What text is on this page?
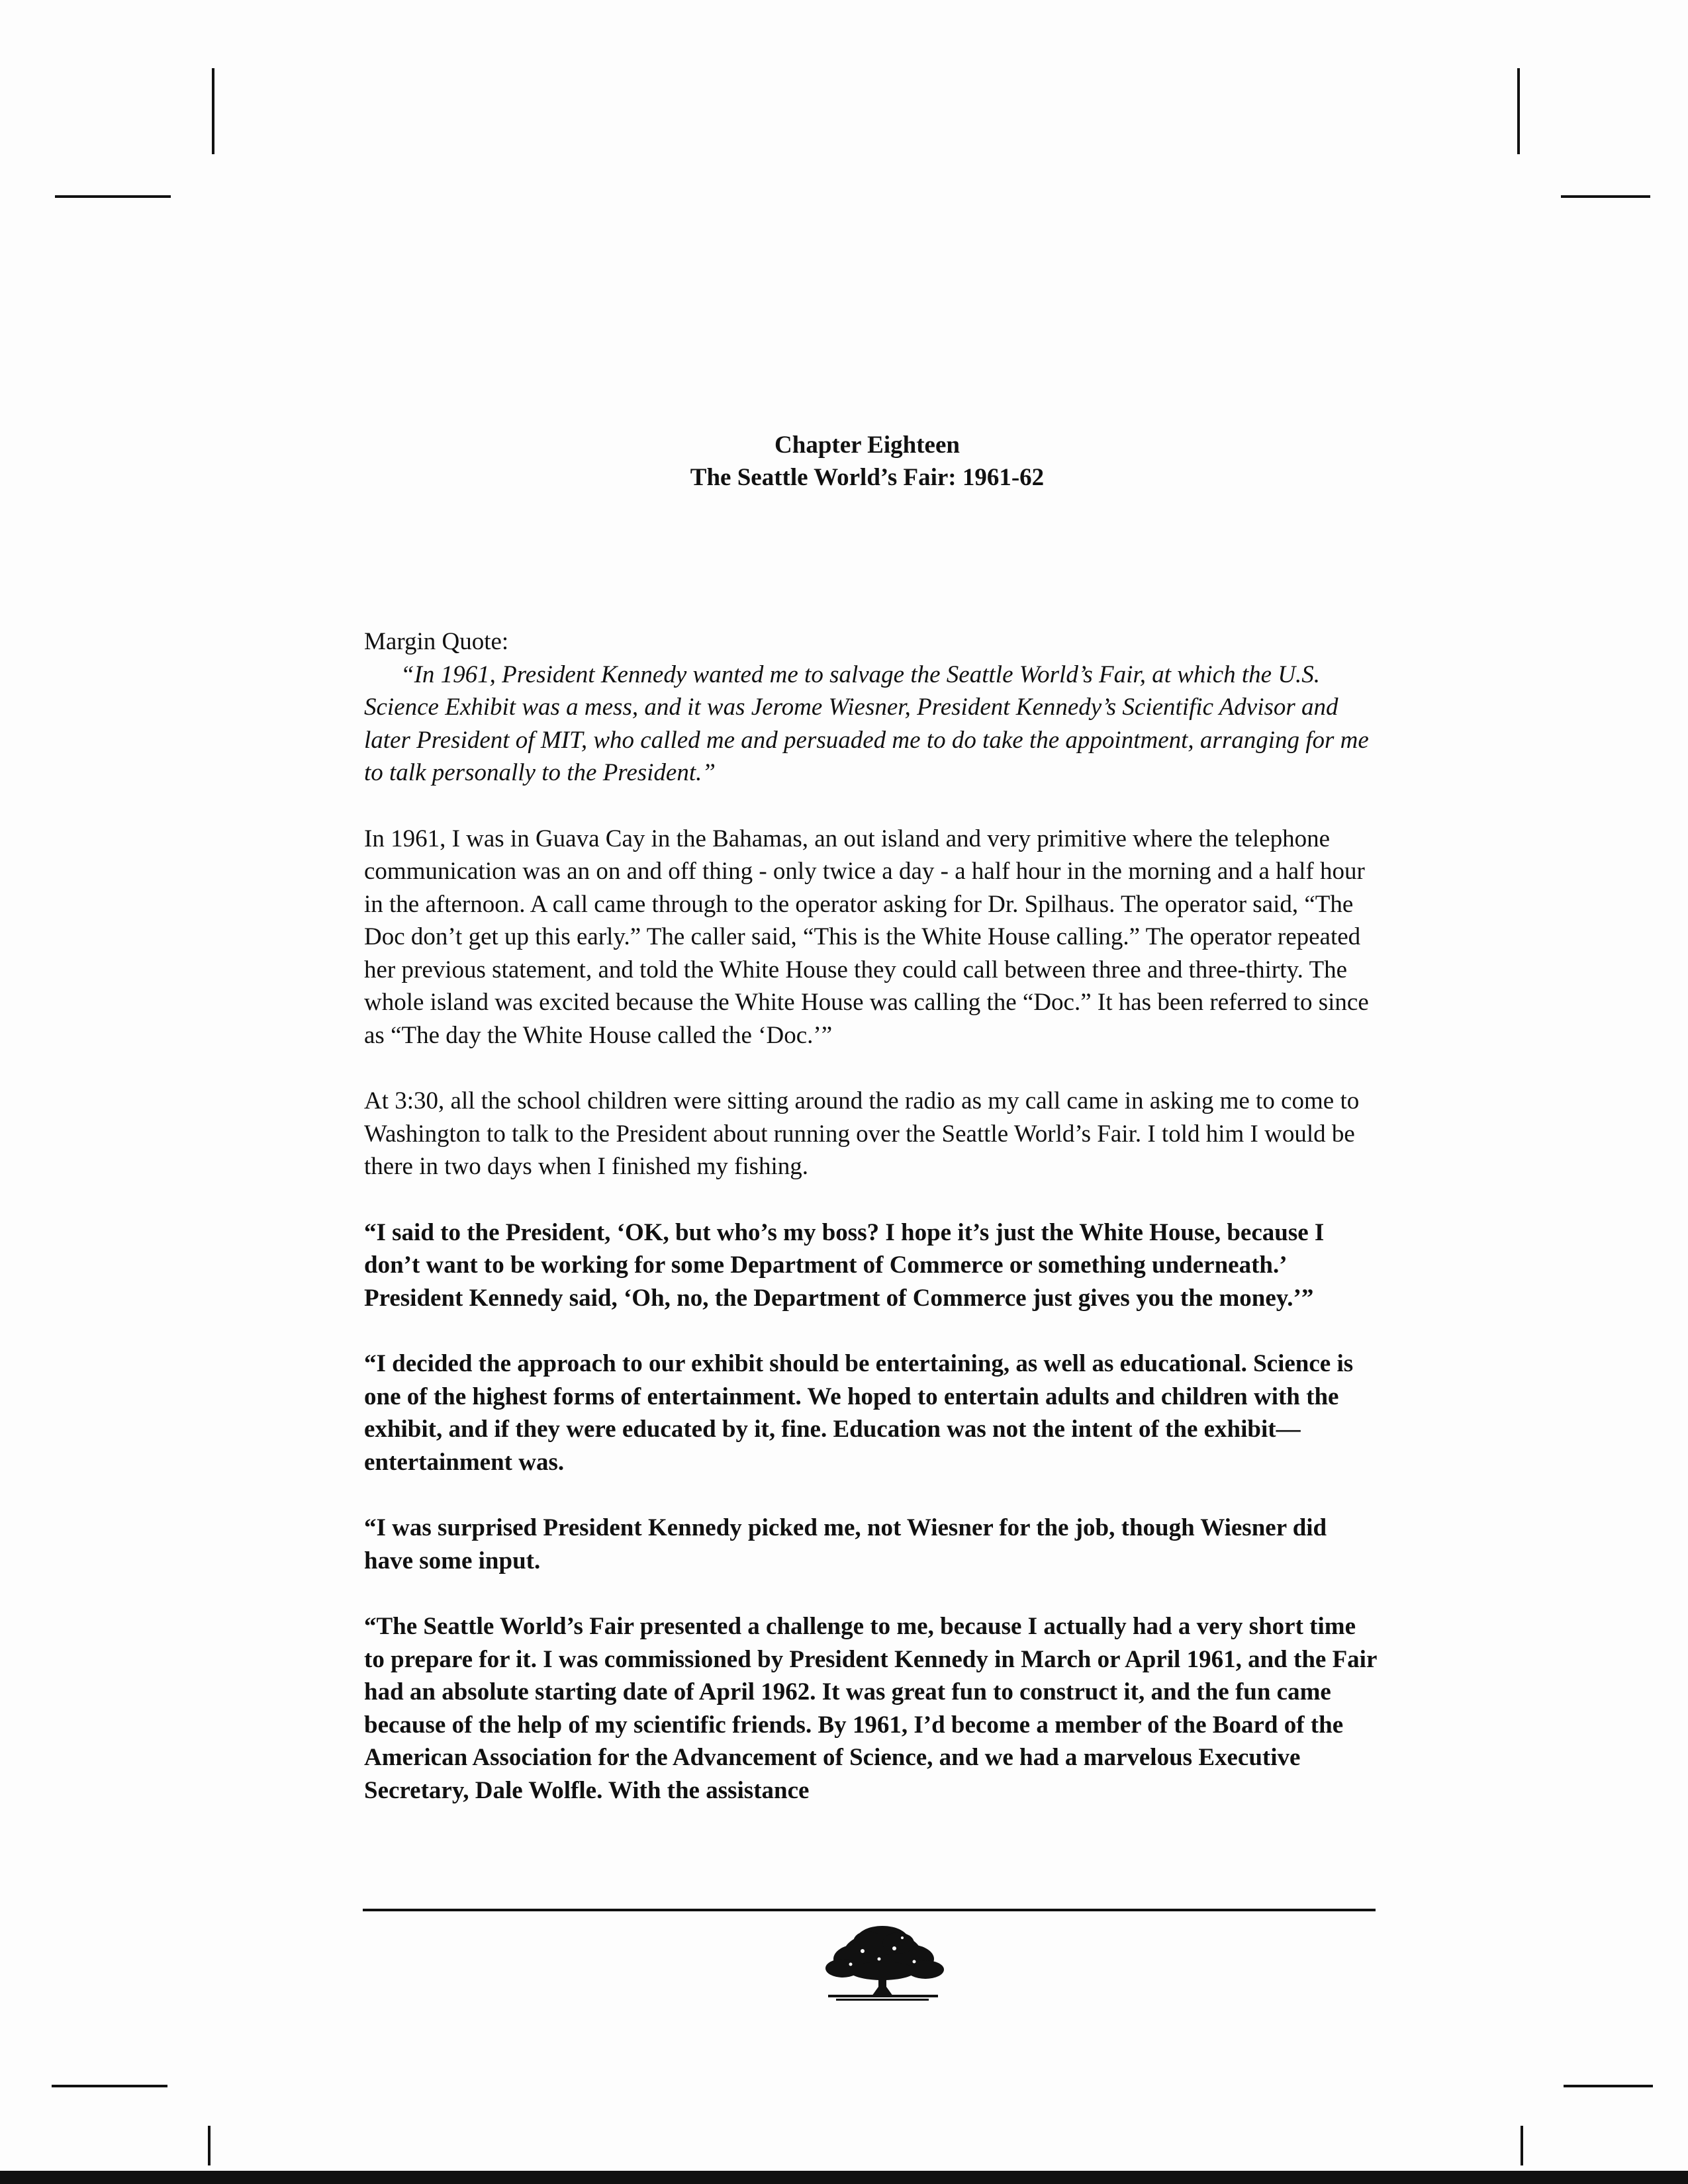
Chapter Eighteen
The Seattle World’s Fair: 1961-62

Margin Quote:

“In 1961, President Kennedy wanted me to salvage the Seattle World’s Fair, at which the U.S. Science Exhibit was a mess, and it was Jerome Wiesner, President Kennedy’s Scientific Advisor and later President of MIT, who called me and persuaded me to do take the appointment, arranging for me to talk personally to the President.”

In 1961, I was in Guava Cay in the Bahamas, an out island and very primitive where the telephone communication was an on and off thing - only twice a day - a half hour in the morning and a half hour in the afternoon. A call came through to the operator asking for Dr. Spilhaus. The operator said, “The Doc don’t get up this early.” The caller said, “This is the White House calling.” The operator repeated her previous statement, and told the White House they could call between three and three-thirty. The whole island was excited because the White House was calling the “Doc.” It has been referred to since as “The day the White House called the ‘Doc.’”

At 3:30, all the school children were sitting around the radio as my call came in asking me to come to Washington to talk to the President about running over the Seattle World’s Fair. I told him I would be there in two days when I finished my fishing.

“I said to the President, ‘OK, but who’s my boss? I hope it’s just the White House, because I don’t want to be working for some Department of Commerce or something underneath.’ President Kennedy said, ‘Oh, no, the Department of Commerce just gives you the money.’”

“I decided the approach to our exhibit should be entertaining, as well as educational. Science is one of the highest forms of entertainment. We hoped to entertain adults and children with the exhibit, and if they were educated by it, fine. Education was not the intent of the exhibit—entertainment was.

“I was surprised President Kennedy picked me, not Wiesner for the job, though Wiesner did have some input.

“The Seattle World’s Fair presented a challenge to me, because I actually had a very short time to prepare for it. I was commissioned by President Kennedy in March or April 1961, and the Fair had an absolute starting date of April 1962. It was great fun to construct it, and the fun came because of the help of my scientific friends. By 1961, I’d become a member of the Board of the American Association for the Advancement of Science, and we had a marvelous Executive Secretary, Dale Wolfle. With the assistance
